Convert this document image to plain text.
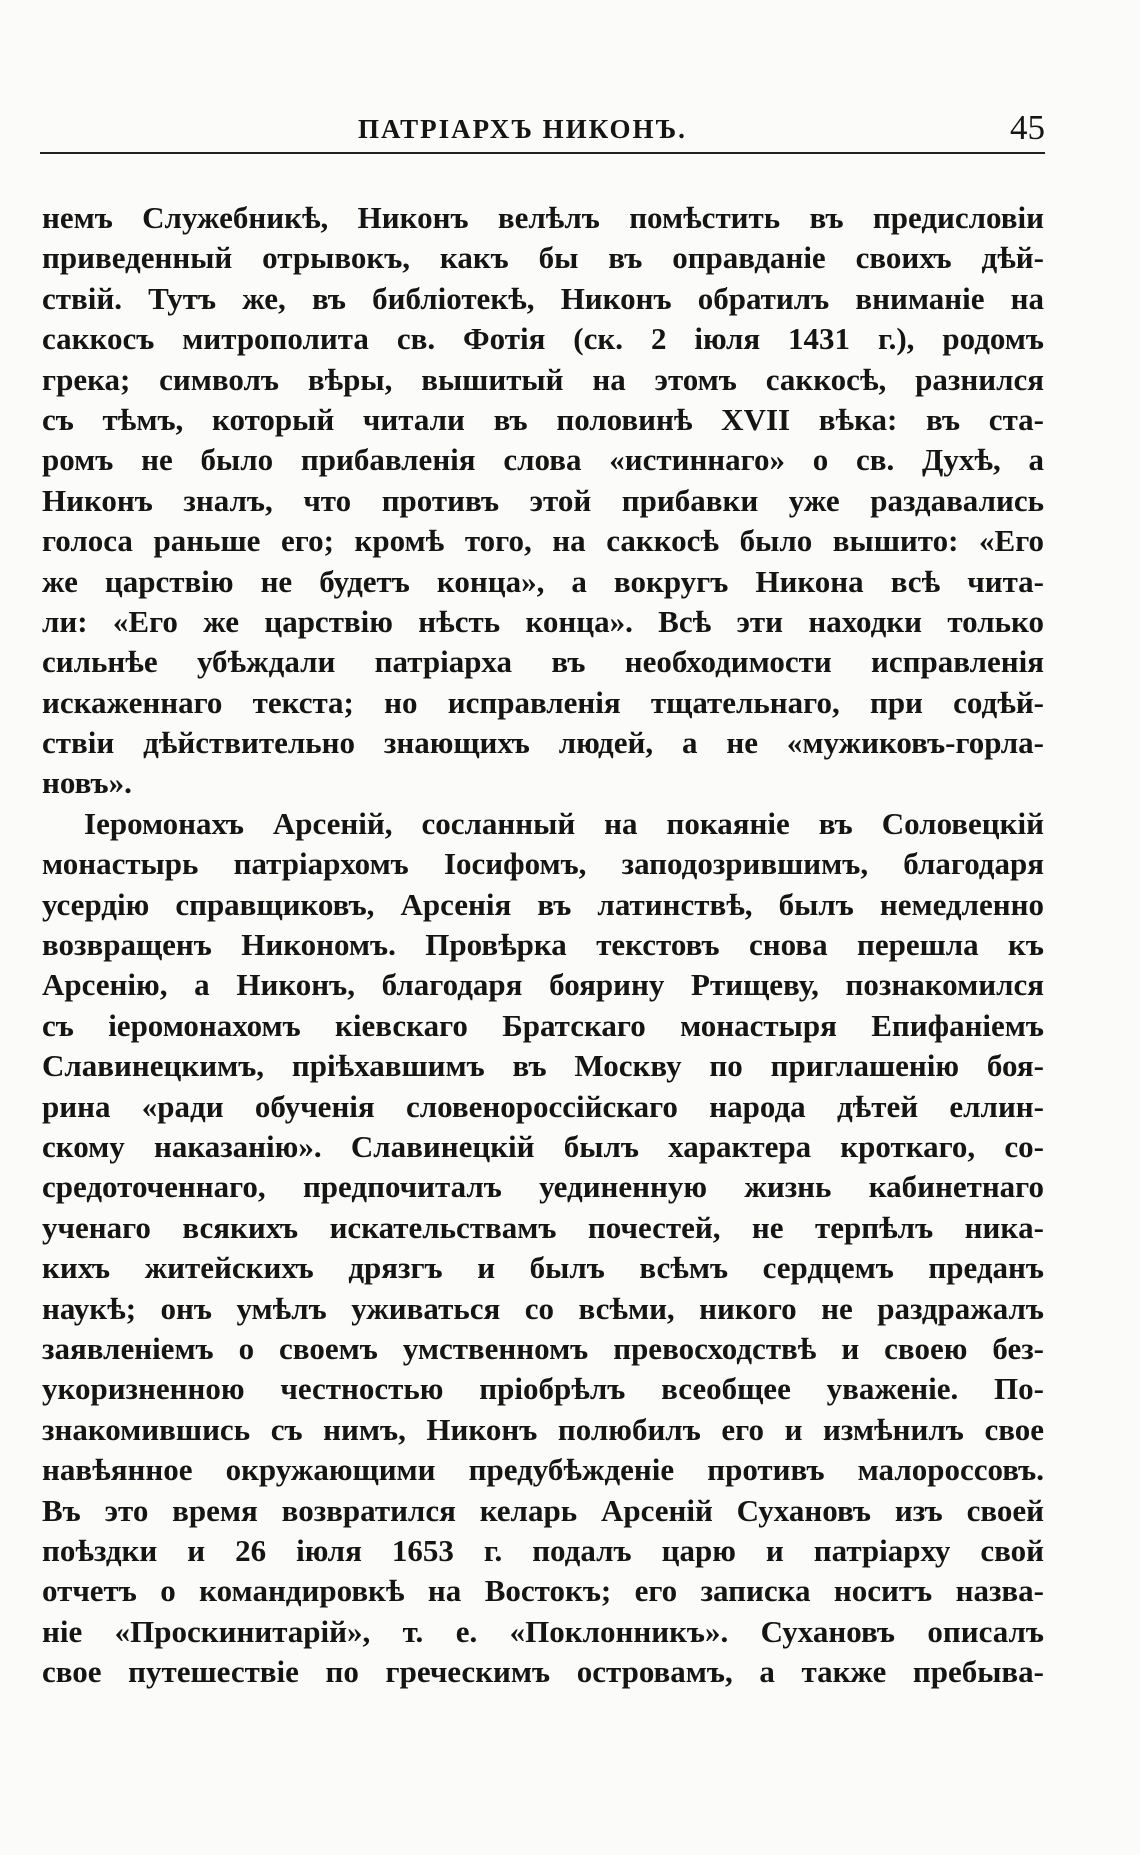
ПАТРІАРХЪ НИКОНЪ.	45
немъ Служебникѣ, Никонъ велѣлъ помѣстить въ предисловіи
приведенный отрывокъ, какъ бы въ оправданіе своихъ дѣй-
ствій. Тутъ же, въ библіотекѣ, Никонъ обратилъ вниманіе на
саккосъ митрополита св. Фотія (ск. 2 іюля 1431 г.), родомъ
грека; символъ вѣры, вышитый на этомъ саккосѣ, разнился
съ тѣмъ, который читали въ половинѣ XVII вѣка: въ ста-
ромъ не было прибавленія слова «истиннаго» о св. Духѣ, а
Никонъ зналъ, что противъ этой прибавки уже раздавались
голоса раньше его; кромѣ того, на саккосѣ было вышито: «Его
же царствію не будетъ конца», а вокругъ Никона всѣ чита-
ли: «Его же царствію нѣсть конца». Всѣ эти находки только
сильнѣе убѣждали патріарха въ необходимости исправленія
искаженнаго текста; но исправленія тщательнаго, при содѣй-
ствіи дѣйствительно знающихъ людей, а не «мужиковъ-горла-
новъ».
Іеромонахъ Арсеній, сосланный на покаяніе въ Соловецкій
монастырь патріархомъ Іосифомъ, заподозрившимъ, благодаря
усердію справщиковъ, Арсенія въ латинствѣ, былъ немедленно
возвращенъ Никономъ. Провѣрка текстовъ снова перешла къ
Арсенію, а Никонъ, благодаря боярину Ртищеву, познакомился
съ іеромонахомъ кіевскаго Братскаго монастыря Епифаніемъ
Славинецкимъ, пріѣхавшимъ въ Москву по приглашенію боя-
рина «ради обученія словенороссійскаго народа дѣтей еллин-
скому наказанію». Славинецкій былъ характера кроткаго, со-
средоточеннаго, предпочиталъ уединенную жизнь кабинетнаго
ученаго всякихъ искательствамъ почестей, не терпѣлъ никa-
кихъ житейскихъ дрязгъ и былъ всѣмъ сердцемъ преданъ
наукѣ; онъ умѣлъ уживаться со всѣми, никого не раздражалъ
заявленіемъ о своемъ умственномъ превосходствѣ и своею без-
укоризненною честностью пріобрѣлъ всеобщее уваженіе. По-
знакомившись съ нимъ, Никонъ полюбилъ его и измѣнилъ свое
навѣянное окружающими предубѣжденіе противъ малороссовъ.
Въ это время возвратился келарь Арсеній Сухановъ изъ своей
поѣздки и 26 іюля 1653 г. подалъ царю и патріарху свой
отчетъ о командировкѣ на Востокъ; его записка носитъ назва-
ніе «Проскинитарій», т. е. «Поклонникъ». Сухановъ описалъ
свое путешествіе по греческимъ островамъ, а также пребыва-
